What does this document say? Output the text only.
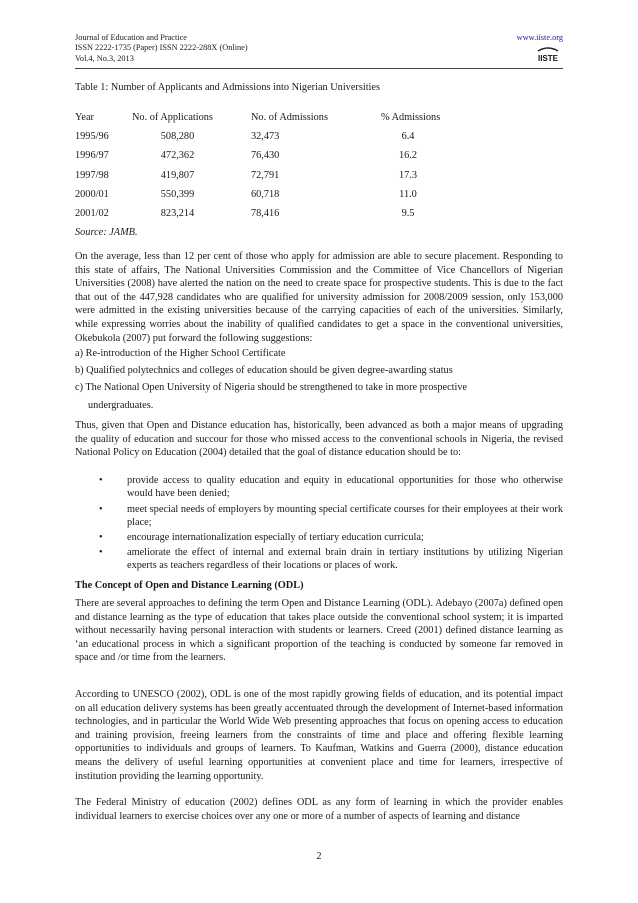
Journal of Education and Practice
ISSN 2222-1735 (Paper) ISSN 2222-288X (Online)
Vol.4, No.3, 2013
www.iiste.org
IISTE
Table 1: Number of Applicants and Admissions into Nigerian Universities
Year	No. of Applications	No. of Admissions	% Admissions
1995/96	508,280	32,473	6.4
1996/97	472,362	76,430	16.2
1997/98	419,807	72,791	17.3
2000/01	550,399	60,718	11.0
2001/02	823,214	78,416	9.5
Source: JAMB.

On the average, less than 12 per cent of those who apply for admission are able to secure placement. Responding to this state of affairs, The National Universities Commission and the Committee of Vice Chancellors of Nigerian Universities (2008) have alerted the nation on the need to create space for prospective students. This is due to the fact that out of the 447,928 candidates who are qualified for university admission for 2008/2009 session, only 153,000 were admitted in the existing universities because of the carrying capacities of each of the universities. Similarly, while expressing worries about the inability of qualified candidates to get a space in the conventional universities, Okebukola (2007) put forward the following suggestions:

a) Re-introduction of the Higher School Certificate
b) Qualified polytechnics and colleges of education should be given degree-awarding status
c) The National Open University of Nigeria should be strengthened to take in more prospective
undergraduates.

Thus, given that Open and Distance education has, historically, been advanced as both a major means of upgrading the quality of education and succour for those who missed access to the conventional schools in Nigeria, the revised National Policy on Education (2004) detailed that the goal of distance education should be to:

• provide access to quality education and equity in educational opportunities for those who otherwise would have been denied;
• meet special needs of employers by mounting special certificate courses for their employees at their work place;
• encourage internationalization especially of tertiary education curricula;
• ameliorate the effect of internal and external brain drain in tertiary institutions by utilizing Nigerian experts as teachers regardless of their locations or places of work.
The Concept of Open and Distance Learning (ODL)

There are several approaches to defining the term Open and Distance Learning (ODL). Adebayo (2007a) defined open and distance learning as the type of education that takes place outside the conventional school system; it is imparted without necessarily having personal interaction with students or learners. Creed (2001) defined distance learning as ‘an educational process in which a significant proportion of the teaching is conducted by someone far removed in space and /or time from the learners.

According to UNESCO (2002), ODL is one of the most rapidly growing fields of education, and its potential impact on all education delivery systems has been greatly accentuated through the development of Internet-based information technologies, and in particular the World Wide Web presenting approaches that focus on opening access to education and training provision, freeing learners from the constraints of time and place and offering flexible learning opportunities to individuals and groups of learners. To Kaufman, Watkins and Guerra (2000), distance education means the delivery of useful learning opportunities at convenient place and time for learners, irrespective of institution providing the learning opportunity.

The Federal Ministry of education (2002) defines ODL as any form of learning in which the provider enables individual learners to exercise choices over any one or more of a number of aspects of learning and distance

2
